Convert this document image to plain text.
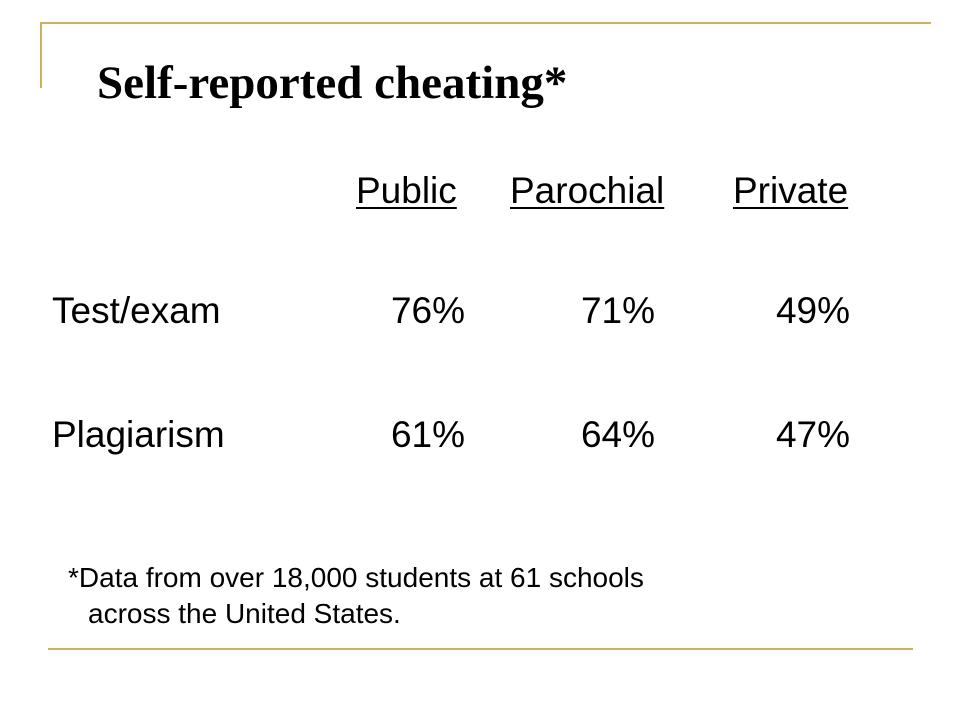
Self-reported cheating*
Public Parochial Private
Test/exam	76%	71%	49%
Plagiarism	61%	64%	47%
*Data from over 18,000 students at 61 schools
across the United States.
